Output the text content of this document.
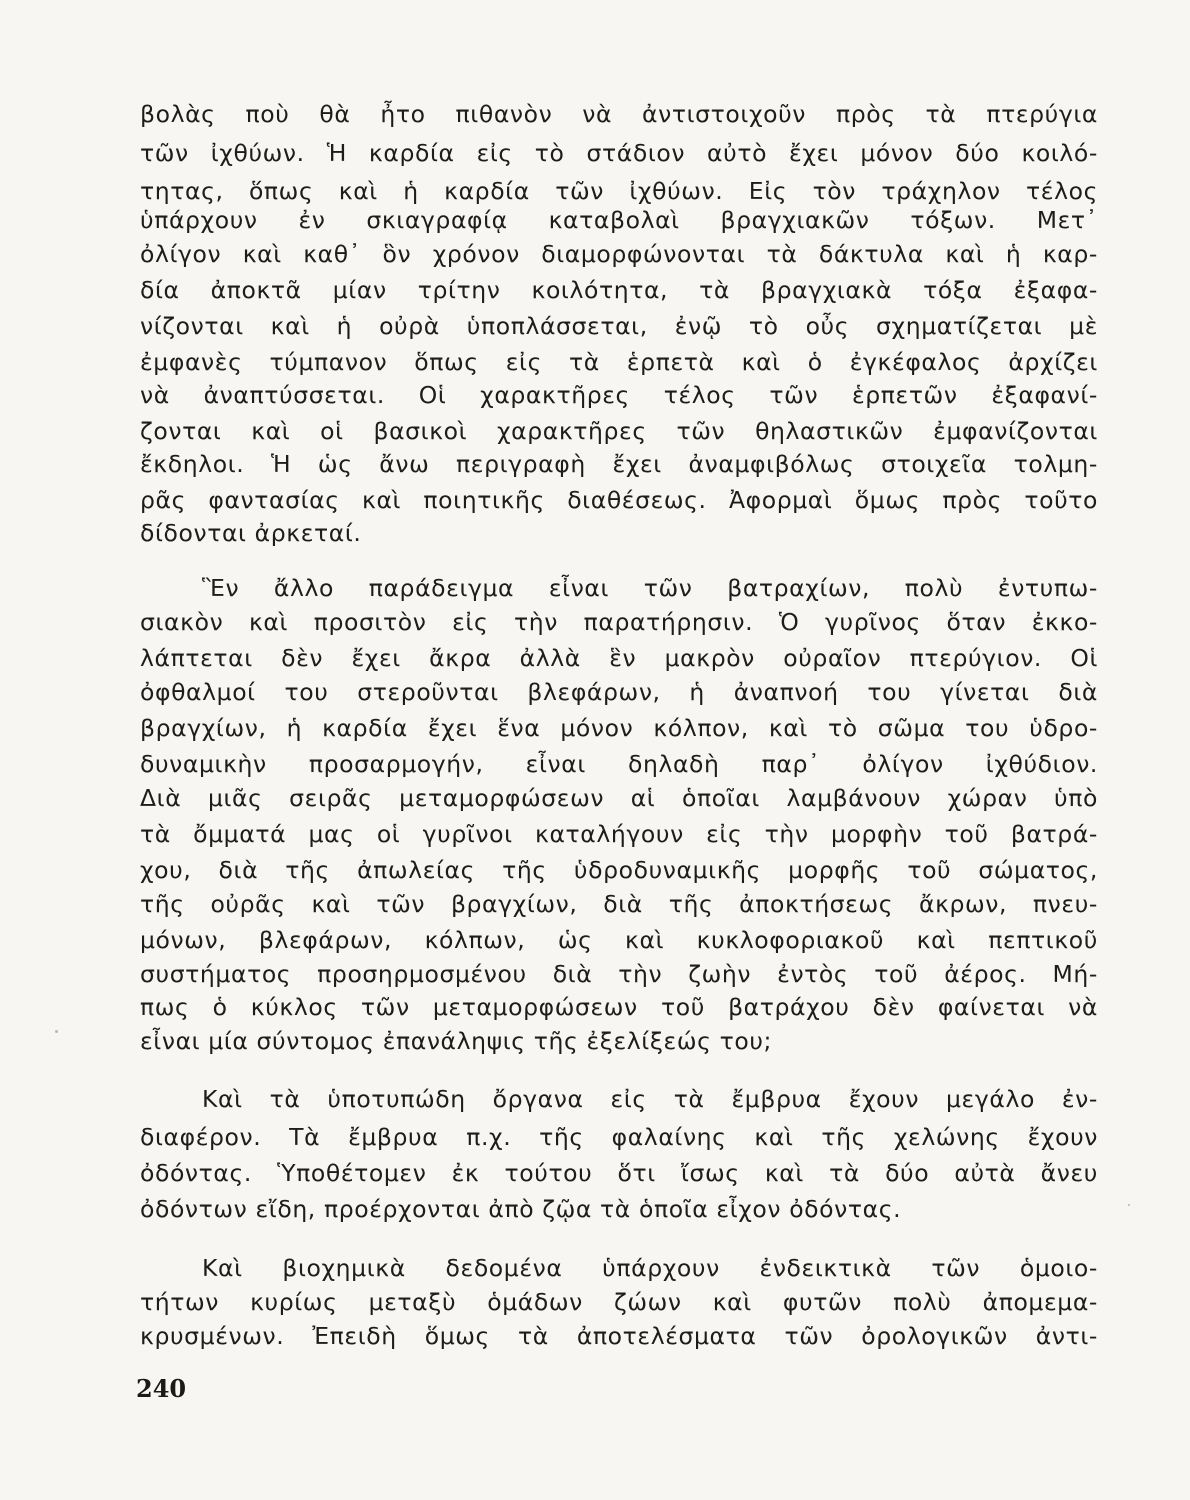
βολὰς ποὺ θὰ ἦτο πιθανὸν νὰ ἀντιστοιχοῦν πρὸς τὰ πτερύγια
τῶν ἰχθύων. Ἡ καρδία εἰς τὸ στάδιον αὐτὸ ἔχει μόνον δύο κοιλό-
τητας, ὅπως καὶ ἡ καρδία τῶν ἰχθύων. Εἰς τὸν τράχηλον τέλος
ὑπάρχουν ἐν σκιαγραφίᾳ καταβολαὶ βραγχιακῶν τόξων. Μετ᾽
ὀλίγον καὶ καθ᾽ ὃν χρόνον διαμορφώνονται τὰ δάκτυλα καὶ ἡ καρ-
δία ἀποκτᾶ μίαν τρίτην κοιλότητα, τὰ βραγχιακὰ τόξα ἐξαφα-
νίζονται καὶ ἡ οὐρὰ ὑποπλάσσεται, ἐνῷ τὸ οὖς σχηματίζεται μὲ
ἐμφανὲς τύμπανον ὅπως εἰς τὰ ἑρπετὰ καὶ ὁ ἐγκέφαλος ἀρχίζει
νὰ ἀναπτύσσεται. Οἱ χαρακτῆρες τέλος τῶν ἑρπετῶν ἐξαφανί-
ζονται καὶ οἱ βασικοὶ χαρακτῆρες τῶν θηλαστικῶν ἐμφανίζονται
ἔκδηλοι. Ἡ ὡς ἄνω περιγραφὴ ἔχει ἀναμφιβόλως στοιχεῖα τολμη-
ρᾶς φαντασίας καὶ ποιητικῆς διαθέσεως. Ἀφορμαὶ ὅμως πρὸς τοῦτο
δίδονται ἀρκεταί.
Ἓν ἄλλο παράδειγμα εἶναι τῶν βατραχίων, πολὺ ἐντυπω-
σιακὸν καὶ προσιτὸν εἰς τὴν παρατήρησιν. Ὁ γυρῖνος ὅταν ἐκκο-
λάπτεται δὲν ἔχει ἄκρα ἀλλὰ ἓν μακρὸν οὐραῖον πτερύγιον. Οἱ
ὀφθαλμοί του στεροῦνται βλεφάρων, ἡ ἀναπνοή του γίνεται διὰ
βραγχίων, ἡ καρδία ἔχει ἕνα μόνον κόλπον, καὶ τὸ σῶμα του ὑδρο-
δυναμικὴν προσαρμογήν, εἶναι δηλαδὴ παρ᾽ ὀλίγον ἰχθύδιον.
Διὰ μιᾶς σειρᾶς μεταμορφώσεων αἱ ὁποῖαι λαμβάνουν χώραν ὑπὸ
τὰ ὄμματά μας οἱ γυρῖνοι καταλήγουν εἰς τὴν μορφὴν τοῦ βατρά-
χου, διὰ τῆς ἀπωλείας τῆς ὑδροδυναμικῆς μορφῆς τοῦ σώματος,
τῆς οὐρᾶς καὶ τῶν βραγχίων, διὰ τῆς ἀποκτήσεως ἄκρων, πνευ-
μόνων, βλεφάρων, κόλπων, ὡς καὶ κυκλοφοριακοῦ καὶ πεπτικοῦ
συστήματος προσηρμοσμένου διὰ τὴν ζωὴν ἐντὸς τοῦ ἀέρος. Μή-
πως ὁ κύκλος τῶν μεταμορφώσεων τοῦ βατράχου δὲν φαίνεται νὰ
εἶναι μία σύντομος ἐπανάληψις τῆς ἐξελίξεώς του;
Καὶ τὰ ὑποτυπώδη ὄργανα εἰς τὰ ἔμβρυα ἔχουν μεγάλο ἐν-
διαφέρον. Τὰ ἔμβρυα π.χ. τῆς φαλαίνης καὶ τῆς χελώνης ἔχουν
ὀδόντας. Ὑποθέτομεν ἐκ τούτου ὅτι ἴσως καὶ τὰ δύο αὐτὰ ἄνευ
ὀδόντων εἴδη, προέρχονται ἀπὸ ζῷα τὰ ὁποῖα εἶχον ὀδόντας.
Καὶ βιοχημικὰ δεδομένα ὑπάρχουν ἐνδεικτικὰ τῶν ὁμοιο-
τήτων κυρίως μεταξὺ ὁμάδων ζώων καὶ φυτῶν πολὺ ἀπομεμα-
κρυσμένων. Ἐπειδὴ ὅμως τὰ ἀποτελέσματα τῶν ὀρολογικῶν ἀντι-
240
